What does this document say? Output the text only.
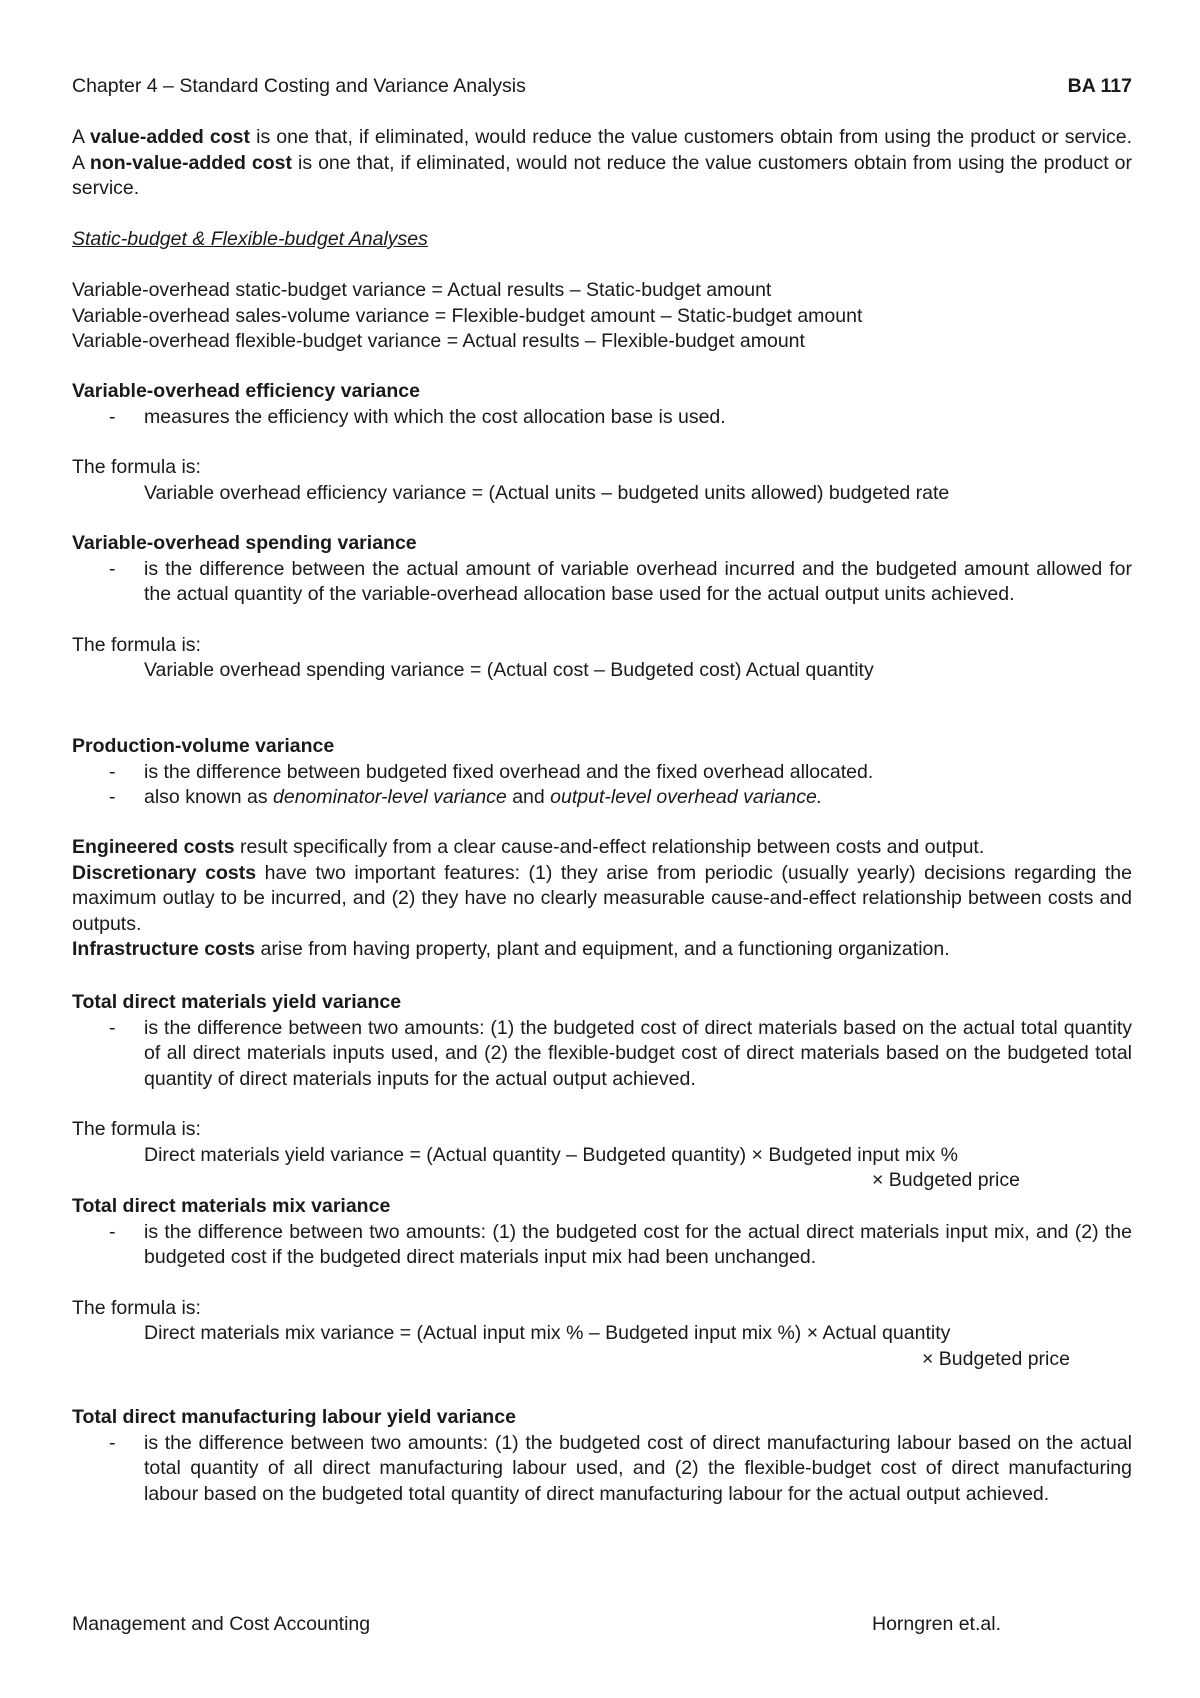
Chapter 4 – Standard Costing and Variance Analysis	BA 117
A value-added cost is one that, if eliminated, would reduce the value customers obtain from using the product or service. A non-value-added cost is one that, if eliminated, would not reduce the value customers obtain from using the product or service.
Static-budget & Flexible-budget Analyses
Variable-overhead static-budget variance = Actual results – Static-budget amount
Variable-overhead sales-volume variance = Flexible-budget amount – Static-budget amount
Variable-overhead flexible-budget variance = Actual results – Flexible-budget amount
Variable-overhead efficiency variance
- measures the efficiency with which the cost allocation base is used.
The formula is:
Variable overhead efficiency variance = (Actual units – budgeted units allowed) budgeted rate
Variable-overhead spending variance
- is the difference between the actual amount of variable overhead incurred and the budgeted amount allowed for the actual quantity of the variable-overhead allocation base used for the actual output units achieved.
The formula is:
Variable overhead spending variance = (Actual cost – Budgeted cost) Actual quantity
Production-volume variance
- is the difference between budgeted fixed overhead and the fixed overhead allocated.
- also known as denominator-level variance and output-level overhead variance.
Engineered costs result specifically from a clear cause-and-effect relationship between costs and output.
Discretionary costs have two important features: (1) they arise from periodic (usually yearly) decisions regarding the maximum outlay to be incurred, and (2) they have no clearly measurable cause-and-effect relationship between costs and outputs.
Infrastructure costs arise from having property, plant and equipment, and a functioning organization.
Total direct materials yield variance
- is the difference between two amounts: (1) the budgeted cost of direct materials based on the actual total quantity of all direct materials inputs used, and (2) the flexible-budget cost of direct materials based on the budgeted total quantity of direct materials inputs for the actual output achieved.
The formula is:
Direct materials yield variance = (Actual quantity – Budgeted quantity) × Budgeted input mix %
× Budgeted price
Total direct materials mix variance
- is the difference between two amounts: (1) the budgeted cost for the actual direct materials input mix, and (2) the budgeted cost if the budgeted direct materials input mix had been unchanged.
The formula is:
Direct materials mix variance = (Actual input mix % – Budgeted input mix %) × Actual quantity
× Budgeted price
Total direct manufacturing labour yield variance
- is the difference between two amounts: (1) the budgeted cost of direct manufacturing labour based on the actual total quantity of all direct manufacturing labour used, and (2) the flexible-budget cost of direct manufacturing labour based on the budgeted total quantity of direct manufacturing labour for the actual output achieved.
Management and Cost Accounting	Horngren et.al.
